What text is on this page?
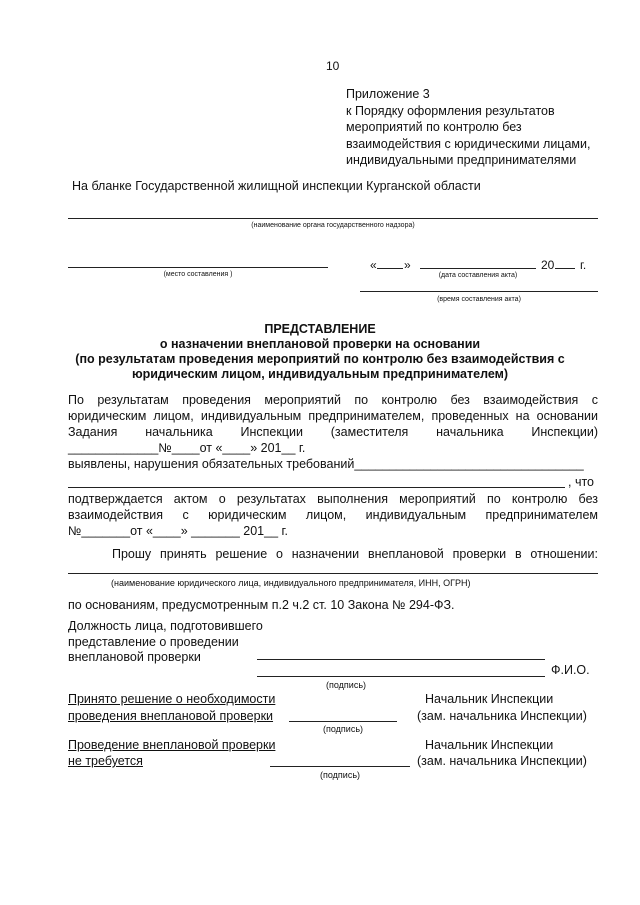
10
Приложение 3
к Порядку оформления результатов
мероприятий по контролю без
взаимодействия с юридическими лицами,
индивидуальными предпринимателями
На бланке Государственной жилищной инспекции Курганской области
(наименование органа государственного надзора)
(место составления )
« »	20 г.
(дата составления акта)
(время составления акта)
ПРЕДСТАВЛЕНИЕ
о назначении внеплановой проверки на основании
(по результатам проведения мероприятий по контролю без взаимодействия с
юридическим лицом, индивидуальным предпринимателем)
По результатам проведения мероприятий по контролю без взаимодействия с
юридическим лицом, индивидуальным предпринимателем, проведенных на основании
Задания начальника Инспекции (заместителя начальника Инспекции)
_____________№____от «____» 201__ г.
выявлены, нарушения обязательных требований_________________________________
, что
подтверждается актом о результатах выполнения мероприятий по контролю без
взаимодействия с юридическим лицом, индивидуальным предпринимателем
№_______от «____» _______ 201__ г.
Прошу принять решение о назначении внеплановой проверки в отношении:
(наименование юридического лица, индивидуального предпринимателя, ИНН, ОГРН)
по основаниям, предусмотренным п.2 ч.2 ст. 10 Закона № 294-ФЗ.
Должность лица, подготовившего
представление о проведении
внеплановой проверки
Ф.И.О.
(подпись)
Принято решение о необходимости
проведения внеплановой проверки
(подпись)
Начальник Инспекции
(зам. начальника Инспекции)
Проведение внеплановой проверки
не требуется
(подпись)
Начальник Инспекции
(зам. начальника Инспекции)
